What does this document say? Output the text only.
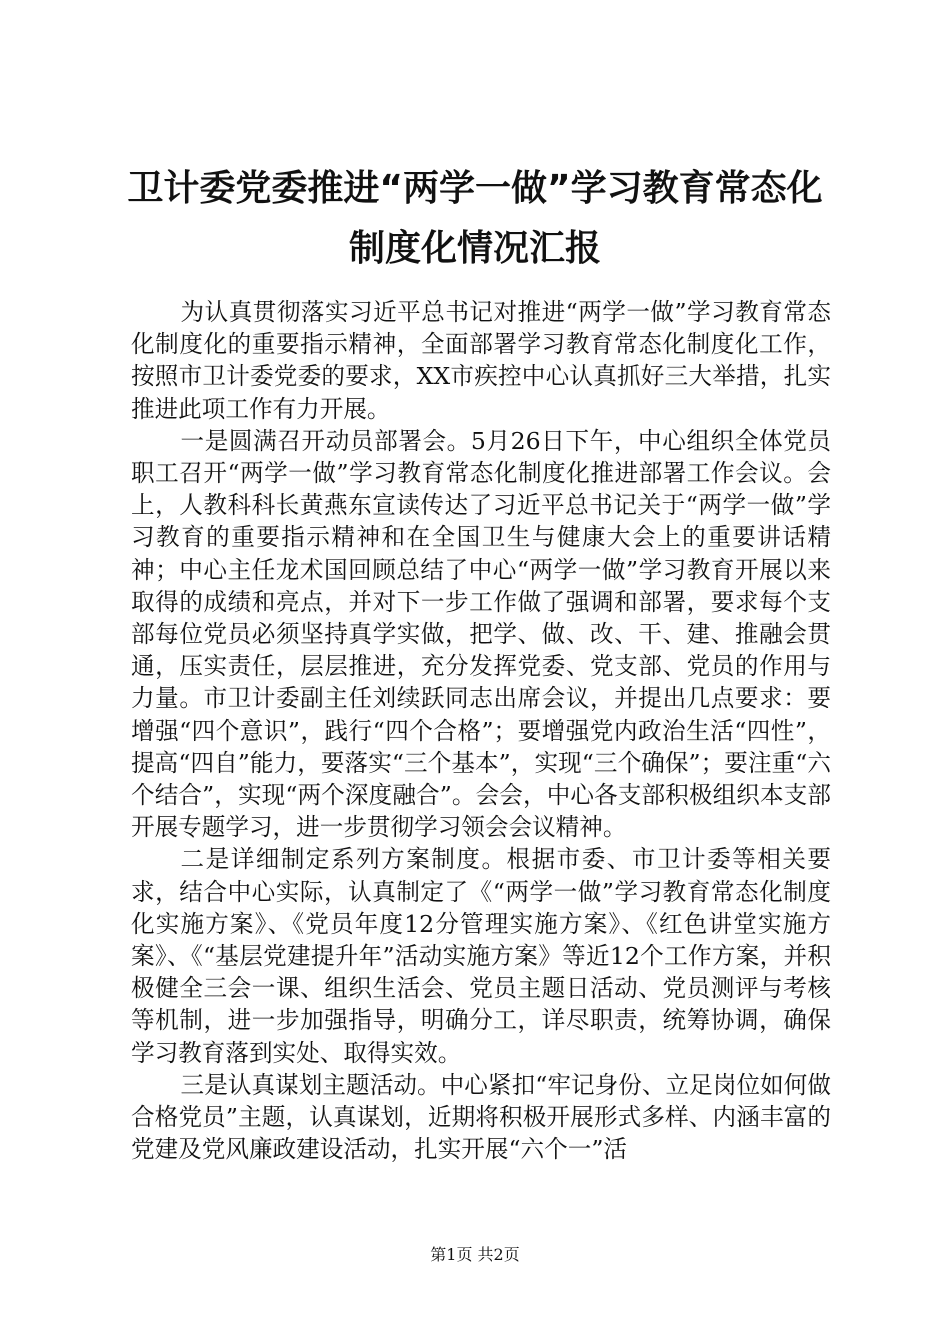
卫计委党委推进“两学一做”学习教育常态化
制度化情况汇报

为认真贯彻落实习近平总书记对推进“两学一做”学习教育常态化制度化的重要指示精神，全面部署学习教育常态化制度化工作，按照市卫计委党委的要求，XX市疾控中心认真抓好三大举措，扎实推进此项工作有力开展。

一是圆满召开动员部署会。5月26日下午，中心组织全体党员职工召开“两学一做”学习教育常态化制度化推进部署工作会议。会上，人教科科长黄燕东宣读传达了习近平总书记关于“两学一做”学习教育的重要指示精神和在全国卫生与健康大会上的重要讲话精神；中心主任龙术国回顾总结了中心“两学一做”学习教育开展以来取得的成绩和亮点，并对下一步工作做了强调和部署，要求每个支部每位党员必须坚持真学实做，把学、做、改、干、建、推融会贯通，压实责任，层层推进，充分发挥党委、党支部、党员的作用与力量。市卫计委副主任刘续跃同志出席会议，并提出几点要求：要增强“四个意识”，践行“四个合格”；要增强党内政治生活“四性”，提高“四自”能力，要落实“三个基本”，实现“三个确保”；要注重“六个结合”，实现“两个深度融合”。会会，中心各支部积极组织本支部开展专题学习，进一步贯彻学习领会会议精神。

二是详细制定系列方案制度。根据市委、市卫计委等相关要求，结合中心实际，认真制定了《“两学一做”学习教育常态化制度化实施方案》、《党员年度12分管理实施方案》、《红色讲堂实施方案》、《“基层党建提升年”活动实施方案》等近12个工作方案，并积极健全三会一课、组织生活会、党员主题日活动、党员测评与考核等机制，进一步加强指导，明确分工，详尽职责，统筹协调，确保学习教育落到实处、取得实效。

三是认真谋划主题活动。中心紧扣“牢记身份、立足岗位如何做合格党员”主题，认真谋划，近期将积极开展形式多样、内涵丰富的党建及党风廉政建设活动，扎实开展“六个一”活

第1页 共2页
